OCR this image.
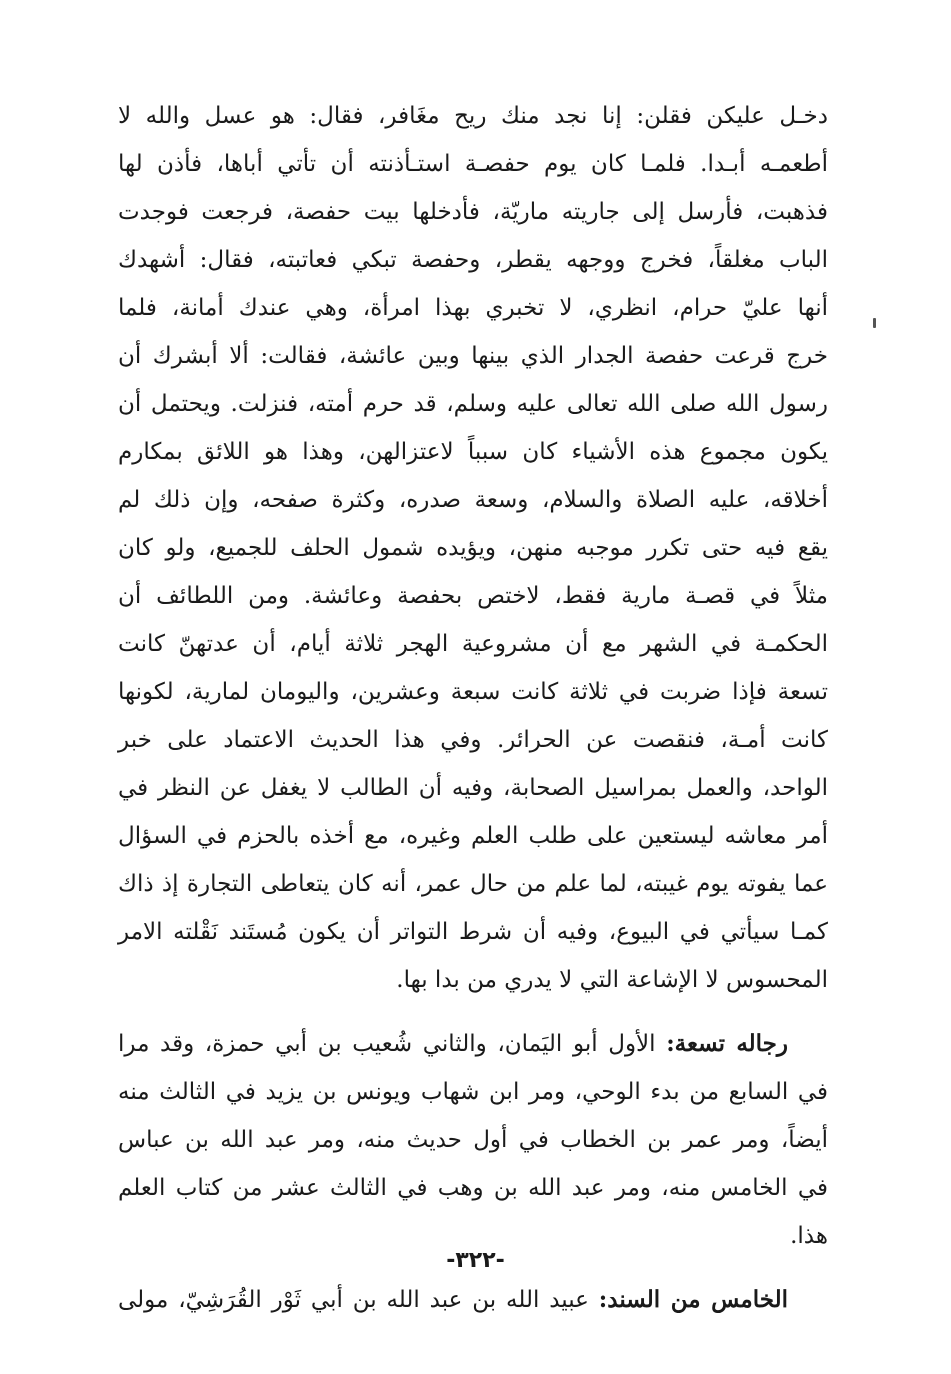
دخـل عليكن فقلن: إنا نجد منك ريح مغَافر، فقال: هو عسل والله لا
أطعمـه أبـدا. فلمـا كان يوم حفصـة استـأذنته أن تأتي أباها، فأذن لها
فذهبت، فأرسل إلى جاريته ماريّة، فأدخلها بيت حفصة، فرجعت فوجدت
الباب مغلقاً، فخرج ووجهه يقطر، وحفصة تبكي فعاتبته، فقال: أشهدك
أنها عليّ حرام، انظري، لا تخبري بهذا امرأة، وهي عندك أمانة، فلما
خرج قرعت حفصة الجدار الذي بينها وبين عائشة، فقالت: ألا أبشرك أن
رسول الله صلى الله تعالى عليه وسلم، قد حرم أمته، فنزلت. ويحتمل أن
يكون مجموع هذه الأشياء كان سبباً لاعتزالهن، وهذا هو اللائق بمكارم
أخلاقه، عليه الصلاة والسلام، وسعة صدره، وكثرة صفحه، وإن ذلك لم
يقع فيه حتى تكرر موجبه منهن، ويؤيده شمول الحلف للجميع، ولو كان
مثلاً في قصـة مارية فقط، لاختص بحفصة وعائشة. ومن اللطائف أن
الحكمـة في الشهر مع أن مشروعية الهجر ثلاثة أيام، أن عدتهنّ كانت
تسعة فإذا ضربت في ثلاثة كانت سبعة وعشرين، واليومان لمارية، لكونها
كانت أمـة، فنقصت عن الحرائر. وفي هذا الحديث الاعتماد على خبر
الواحد، والعمل بمراسيل الصحابة، وفيه أن الطالب لا يغفل عن النظر في
أمر معاشه ليستعين على طلب العلم وغيره، مع أخذه بالحزم في السؤال
عما يفوته يوم غيبته، لما علم من حال عمر، أنه كان يتعاطى التجارة إذ ذاك
كمـا سيأتي في البيوع، وفيه أن شرط التواتر أن يكون مُستَند نَقْلته الامر
المحسوس لا الإشاعة التي لا يدري من بدا بها.
رجاله تسعة: الأول أبو اليَمان، والثاني شُعيب بن أبي حمزة، وقد مرا
في السابع من بدء الوحي، ومر ابن شهاب ويونس بن يزيد في الثالث منه
أيضاً، ومر عمر بن الخطاب في أول حديث منه، ومر عبد الله بن عباس
في الخامس منه، ومر عبد الله بن وهب في الثالث عشر من كتاب العلم
هذا.
الخامس من السند: عبيد الله بن عبد الله بن أبي ثَوْر القُرَشِيّ، مولى
-٣٢٢-
